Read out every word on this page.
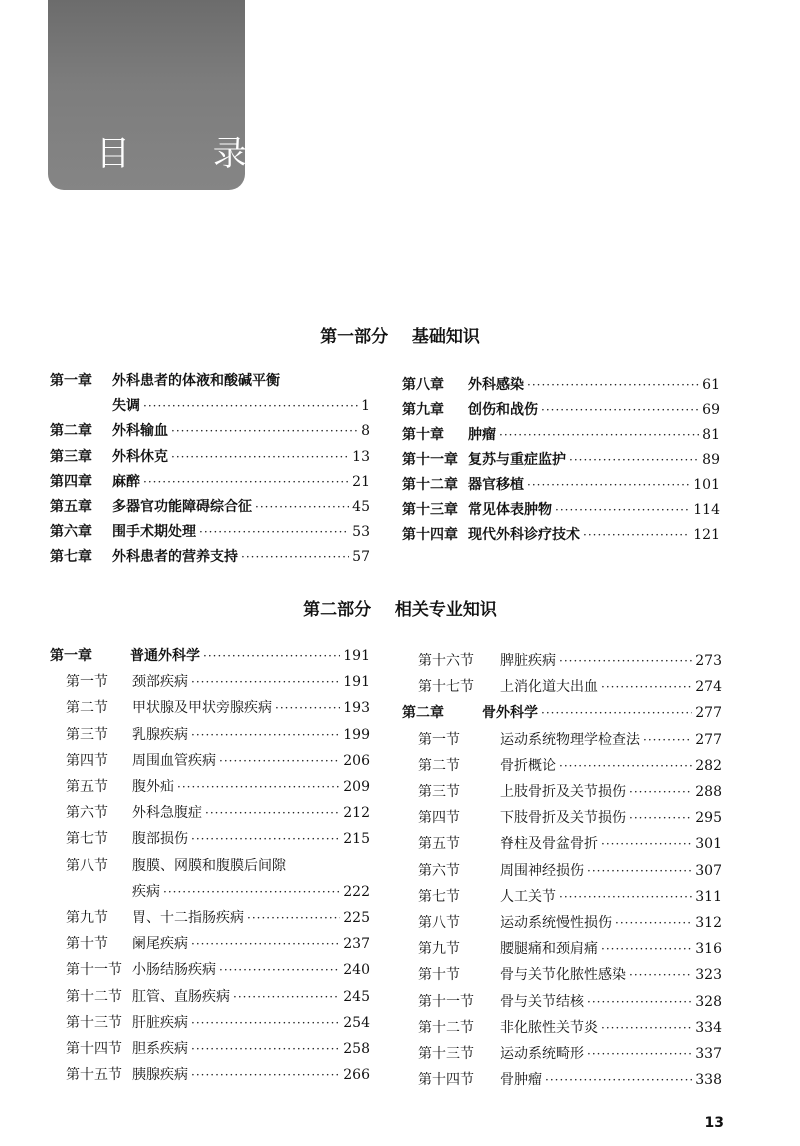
目 录
第一部分    基础知识
第一章	外科患者的体液和酸碱平衡
失调 ·····	1
第二章	外科输血 ·····	8
第三章	外科休克 ·····	13
第四章	麻醉 ·····	21
第五章	多器官功能障碍综合征 ·····	45
第六章	围手术期处理 ·····	53
第七章	外科患者的营养支持 ·····	57
第八章	外科感染 ·····	61
第九章	创伤和战伤 ·····	69
第十章	肿瘤 ·····	81
第十一章 复苏与重症监护 ·····	89
第十二章 器官移植 ·····	101
第十三章 常见体表肿物 ·····	114
第十四章 现代外科诊疗技术 ·····	121
第二部分    相关专业知识
第一章	普通外科学 ·····	191
第一节	颈部疾病 ·····	191
第二节	甲状腺及甲状旁腺疾病 ·····	193
第三节	乳腺疾病 ·····	199
第四节	周围血管疾病 ·····	206
第五节	腹外疝 ·····	209
第六节	外科急腹症 ·····	212
第七节	腹部损伤 ·····	215
第八节	腹膜、网膜和腹膜后间隙
疾病 ·····	222
第九节	胃、十二指肠疾病 ·····	225
第十节	阑尾疾病 ·····	237
第十一节 小肠结肠疾病 ·····	240
第十二节 肛管、直肠疾病 ·····	245
第十三节 肝脏疾病 ·····	254
第十四节 胆系疾病 ·····	258
第十五节 胰腺疾病 ·····	266
第十六节	脾脏疾病 ·····	273
第十七节	上消化道大出血 ·····	274
第二章	骨外科学 ·····	277
第一节	运动系统物理学检查法 ·····	277
第二节	骨折概论 ·····	282
第三节	上肢骨折及关节损伤 ·····	288
第四节	下肢骨折及关节损伤 ·····	295
第五节	脊柱及骨盆骨折 ·····	301
第六节	周围神经损伤 ·····	307
第七节	人工关节 ·····	311
第八节	运动系统慢性损伤 ·····	312
第九节	腰腿痛和颈肩痛 ·····	316
第十节	骨与关节化脓性感染 ·····	323
第十一节	骨与关节结核 ·····	328
第十二节	非化脓性关节炎 ·····	334
第十三节	运动系统畸形 ·····	337
第十四节	骨肿瘤 ·····	338
13
